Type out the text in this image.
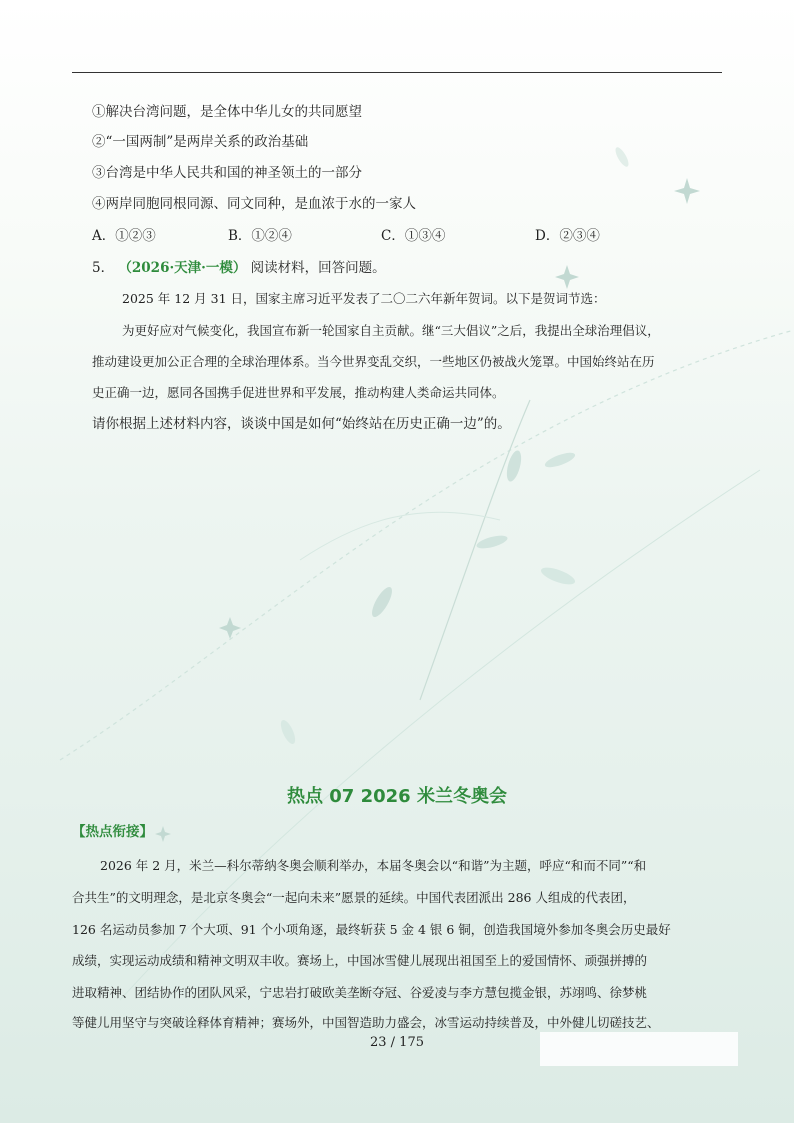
①解决台湾问题，是全体中华儿女的共同愿望
②“一国两制”是两岸关系的政治基础
③台湾是中华人民共和国的神圣领土的一部分
④两岸同胞同根同源、同文同种，是血浓于水的一家人
A．①②③	B．①②④	C．①③④	D．②③④
5． （2026·天津·一模） 阅读材料，回答问题。
2025 年 12 月 31 日，国家主席习近平发表了二〇二六年新年贺词。以下是贺词节选：
为更好应对气候变化，我国宣布新一轮国家自主贡献。继“三大倡议”之后，我提出全球治理倡议，
推动建设更加公正合理的全球治理体系。当今世界变乱交织，一些地区仍被战火笼罩。中国始终站在历
史正确一边，愿同各国携手促进世界和平发展，推动构建人类命运共同体。
请你根据上述材料内容，谈谈中国是如何“始终站在历史正确一边”的。
热点 07 2026 米兰冬奥会
【热点衔接】
2026 年 2 月，米兰—科尔蒂纳冬奥会顺利举办，本届冬奥会以“和谐”为主题，呼应“和而不同”“和
合共生”的文明理念，是北京冬奥会“一起向未来”愿景的延续。中国代表团派出 286 人组成的代表团，
126 名运动员参加 7 个大项、91 个小项角逐，最终斩获 5 金 4 银 6 铜，创造我国境外参加冬奥会历史最好
成绩，实现运动成绩和精神文明双丰收。赛场上，中国冰雪健儿展现出祖国至上的爱国情怀、顽强拼搏的
进取精神、团结协作的团队风采，宁忠岩打破欧美垄断夺冠、谷爱凌与李方慧包揽金银，苏翊鸣、徐梦桃
等健儿用坚守与突破诠释体育精神；赛场外，中国智造助力盛会，冰雪运动持续普及，中外健儿切磋技艺、
23 / 175
